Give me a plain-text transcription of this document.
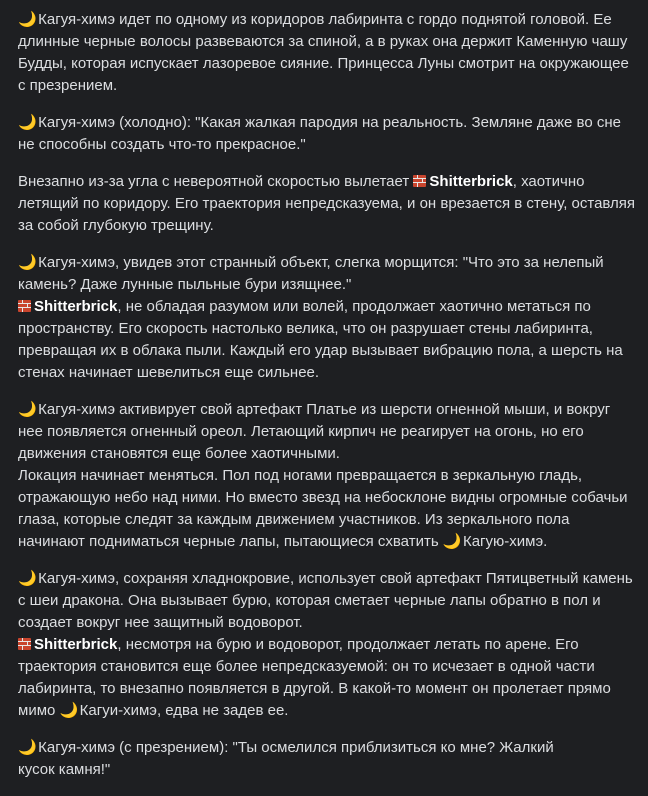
🌙 Кагуя-химэ идет по одному из коридоров лабиринта с гордо поднятой головой. Ее
длинные черные волосы развеваются за спиной, а в руках она держит Каменную чашу
Будды, которая испускает лазоревое сияние. Принцесса Луны смотрит на окружающее
с презрением.
🌙 Кагуя-химэ (холодно): "Какая жалкая пародия на реальность. Земляне даже во сне
не способны создать что-то прекрасное."
Внезапно из-за угла с невероятной скоростью вылетает Shitterbrick, хаотично
летящий по коридору. Его траектория непредсказуема, и он врезается в стену, оставляя
за собой глубокую трещину.
🌙 Кагуя-химэ, увидев этот странный объект, слегка морщится: "Что это за нелепый
камень? Даже лунные пыльные бури изящнее."
Shitterbrick, не обладая разумом или волей, продолжает хаотично метаться по
пространству. Его скорость настолько велика, что он разрушает стены лабиринта,
превращая их в облака пыли. Каждый его удар вызывает вибрацию пола, а шерсть на
стенах начинает шевелиться еще сильнее.
🌙 Кагуя-химэ активирует свой артефакт Платье из шерсти огненной мыши, и вокруг
нее появляется огненный ореол. Летающий кирпич не реагирует на огонь, но его
движения становятся еще более хаотичными.
Локация начинает меняться. Пол под ногами превращается в зеркальную гладь,
отражающую небо над ними. Но вместо звезд на небосклоне видны огромные собачьи
глаза, которые следят за каждым движением участников. Из зеркального пола
начинают подниматься черные лапы, пытающиеся схватить 🌙 Кагую-химэ.
🌙 Кагуя-химэ, сохраняя хладнокровие, использует свой артефакт Пятицветный камень
с шеи дракона. Она вызывает бурю, которая сметает черные лапы обратно в пол и
создает вокруг нее защитный водоворот.
Shitterbrick, несмотря на бурю и водоворот, продолжает летать по арене. Его
траектория становится еще более непредсказуемой: он то исчезает в одной части
лабиринта, то внезапно появляется в другой. В какой-то момент он пролетает прямо
мимо 🌙 Кагуи-химэ, едва не задев ее.
🌙 Кагуя-химэ (с презрением): "Ты осмелился приблизиться ко мне? Жалкий
кусок камня!"
